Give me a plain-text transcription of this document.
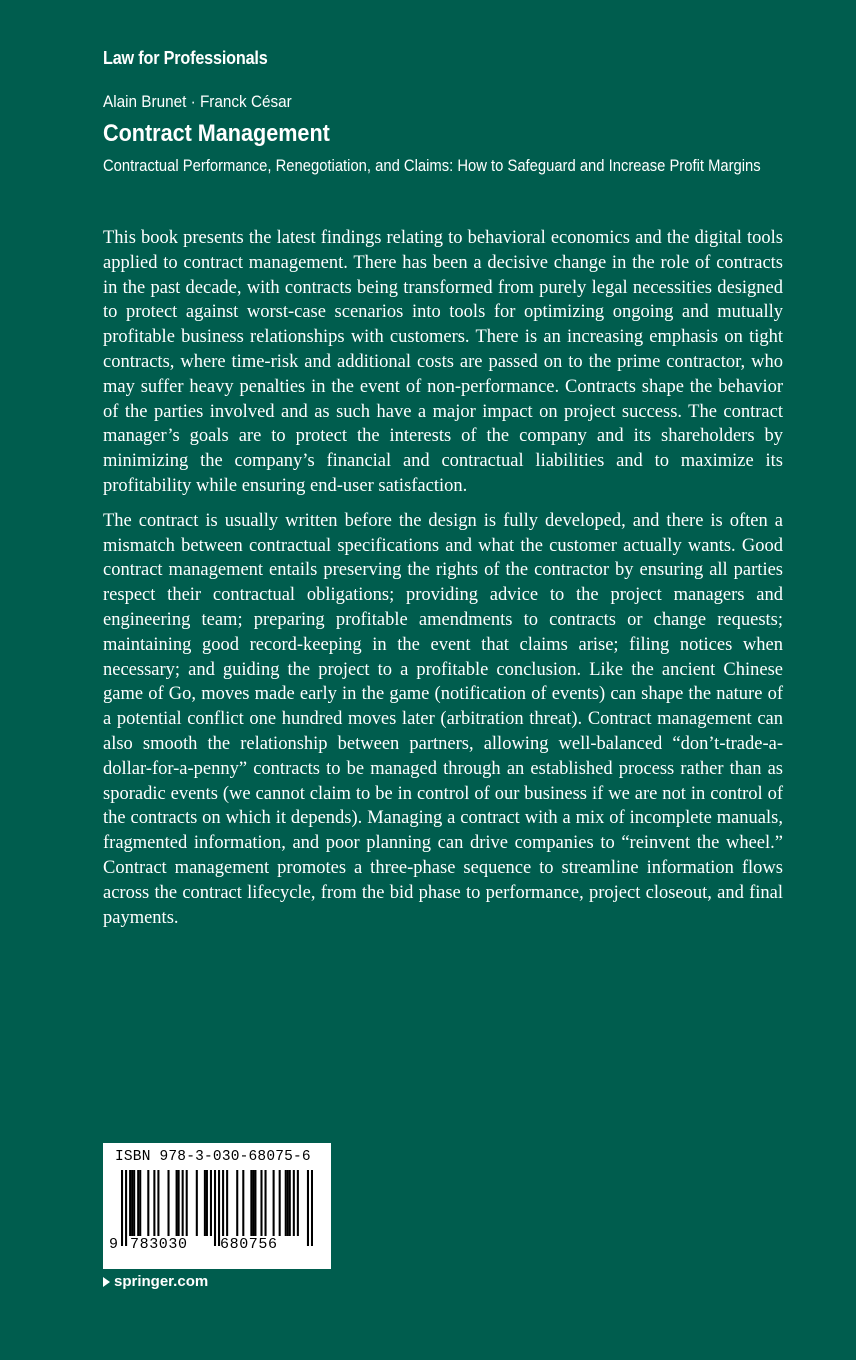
Law for Professionals
Alain Brunet · Franck César
Contract Management
Contractual Performance, Renegotiation, and Claims: How to Safeguard and Increase Profit Margins

This book presents the latest findings relating to behavioral economics and the digital tools applied to contract management. There has been a decisive change in the role of contracts in the past decade, with contracts being transformed from purely legal necessities designed to protect against worst-case scenarios into tools for optimizing ongoing and mutually profitable business relationships with customers. There is an increasing emphasis on tight contracts, where time-risk and additional costs are passed on to the prime contractor, who may suffer heavy penalties in the event of non-performance. Contracts shape the behavior of the parties involved and as such have a major impact on project success. The contract manager’s goals are to protect the interests of the company and its shareholders by minimizing the company’s financial and contractual liabilities and to maximize its profitability while ensuring end-user satisfaction.

The contract is usually written before the design is fully developed, and there is often a mismatch between contractual specifications and what the customer actually wants. Good contract management entails preserving the rights of the contractor by ensuring all parties respect their contractual obligations; providing advice to the project managers and engineering team; preparing profitable amendments to contracts or change requests; maintaining good record-keeping in the event that claims arise; filing notices when necessary; and guiding the project to a profitable conclusion. Like the ancient Chinese game of Go, moves made early in the game (notification of events) can shape the nature of a potential conflict one hundred moves later (arbitration threat). Contract management can also smooth the relationship between partners, allowing well-balanced “don’t-trade-a-dollar-for-a-penny” contracts to be managed through an established process rather than as sporadic events (we cannot claim to be in control of our business if we are not in control of the contracts on which it depends). Managing a contract with a mix of incomplete manuals, fragmented information, and poor planning can drive companies to “reinvent the wheel.” Contract management promotes a three-phase sequence to streamline information flows across the contract lifecycle, from the bid phase to performance, project closeout, and final payments.

ISBN 978-3-030-68075-6
9 783030 680756
springer.com
